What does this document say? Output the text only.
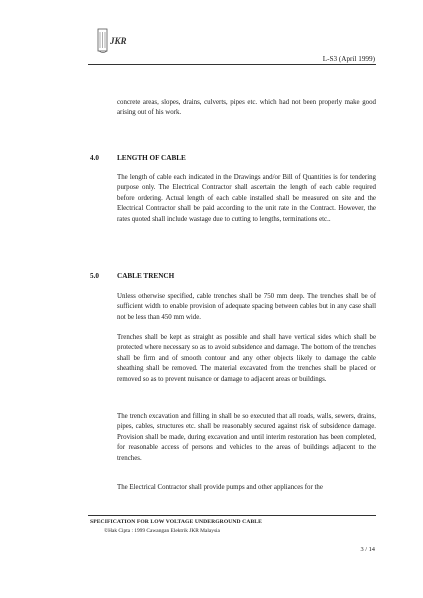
JKR
L-S3 (April 1999)

concrete areas, slopes, drains, culverts, pipes etc. which had not been properly make good arising out of his work.

4.0	LENGTH OF CABLE

The length of cable each indicated in the Drawings and/or Bill of Quantities is for tendering purpose only. The Electrical Contractor shall ascertain the length of each cable required before ordering. Actual length of each cable installed shall be measured on site and the Electrical Contractor shall be paid according to the unit rate in the Contract. However, the rates quoted shall include wastage due to cutting to lengths, terminations etc..

5.0	CABLE TRENCH

Unless otherwise specified, cable trenches shall be 750 mm deep. The trenches shall be of sufficient width to enable provision of adequate spacing between cables but in any case shall not be less than 450 mm wide.

Trenches shall be kept as straight as possible and shall have vertical sides which shall be protected where necessary so as to avoid subsidence and damage. The bottom of the trenches shall be firm and of smooth contour and any other objects likely to damage the cable sheathing shall be removed. The material excavated from the trenches shall be placed or removed so as to prevent nuisance or damage to adjacent areas or buildings.

The trench excavation and filling in shall be so executed that all roads, walls, sewers, drains, pipes, cables, structures etc. shall be reasonably secured against risk of subsidence damage. Provision shall be made, during excavation and until interim restoration has been completed, for reasonable access of persons and vehicles to the areas of buildings adjacent to the trenches.

The Electrical Contractor shall provide pumps and other appliances for the

SPECIFICATION FOR LOW VOLTAGE UNDERGROUND CABLE
©Hak Cipta : 1999 Cawangan Elektrik JKR Malaysia
3 / 14
